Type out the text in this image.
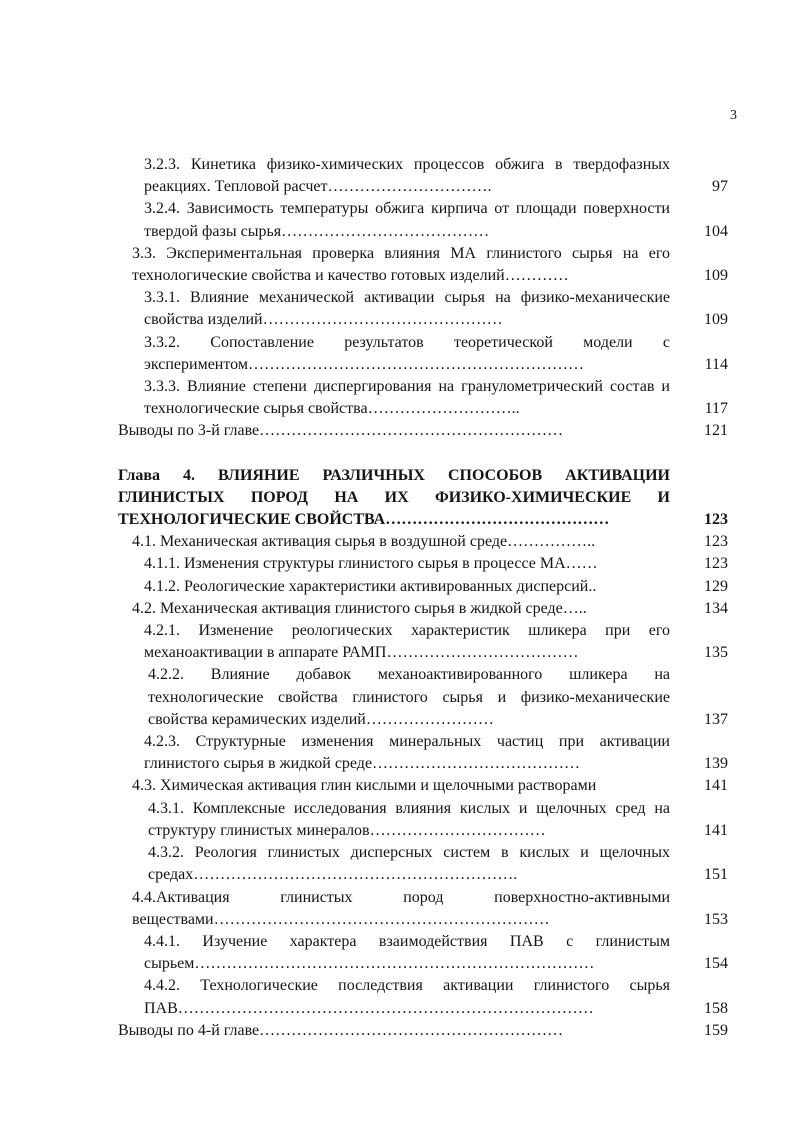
3
3.2.3. Кинетика физико-химических процессов обжига в твердофазных реакциях. Тепловой расчет………………………….	97
3.2.4. Зависимость температуры обжига кирпича от площади поверхности твердой фазы сырья…………………………………	104
3.3. Экспериментальная проверка влияния МА глинистого сырья на его технологические свойства и качество готовых изделий…………	109
3.3.1. Влияние механической активации сырья на физико-механические свойства изделий………………………………………	109
3.3.2. Сопоставление результатов теоретической модели с экспериментом………………………………………………………	114
3.3.3. Влияние степени диспергирования на гранулометрический состав и технологические сырья свойства………………………..	117
Выводы по 3-й главе…………………………………………………	121
Глава 4. ВЛИЯНИЕ РАЗЛИЧНЫХ СПОСОБОВ АКТИВАЦИИ ГЛИНИСТЫХ ПОРОД НА ИХ ФИЗИКО-ХИМИЧЕСКИЕ И ТЕХНОЛОГИЧЕСКИЕ СВОЙСТВА……………………………………	123
4.1. Механическая активация сырья в воздушной среде……………..	123
4.1.1. Изменения структуры глинистого сырья в процессе МА……	123
4.1.2. Реологические характеристики активированных дисперсий..	129
4.2. Механическая активация глинистого сырья в жидкой среде…..	134
4.2.1. Изменение реологических характеристик шликера при его механоактивации в аппарате РАМП………………………………	135
4.2.2. Влияние добавок механоактивированного шликера на технологические свойства глинистого сырья и физико-механические свойства керамических изделий……………………	137
4.2.3. Структурные изменения минеральных частиц при активации глинистого сырья в жидкой среде…………………………………	139
4.3. Химическая активация глин кислыми и щелочными растворами	141
4.3.1. Комплексные исследования влияния кислых и щелочных сред на структуру глинистых минералов……………………………	141
4.3.2. Реология глинистых дисперсных систем в кислых и щелочных средах…………………………………………………….	151
4.4.Активация глинистых пород поверхностно-активными веществами………………………………………………………	153
4.4.1. Изучение характера взаимодействия ПАВ с глинистым сырьем…………………………………………………………………	154
4.4.2. Технологические последствия активации глинистого сырья ПАВ……………………………………………………………………	158
Выводы по 4-й главе…………………………………………………	159
